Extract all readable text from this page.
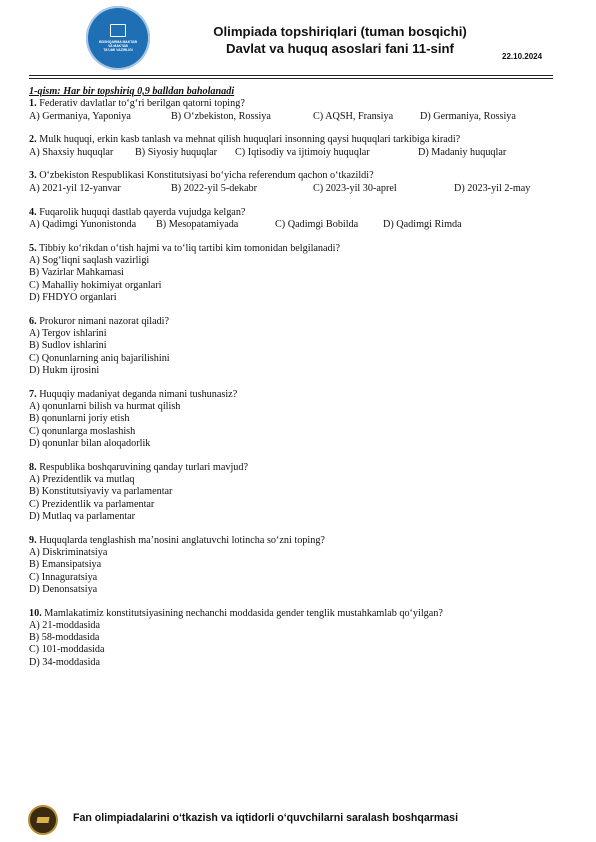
BOSHQARMA MAKTAB
VA MAKTAB
TA'LIMI VAZIRLIGI
Olimpiada topshiriqlari (tuman bosqichi)
Davlat va huquq asoslari fani 11-sinf
22.10.2024
1-qism: Har bir topshiriq 0,9 balldan baholanadi
1. Federativ davlatlar to‘g‘ri berilgan qatorni toping?
A) Germaniya, Yaponiya	B) O‘zbekiston, Rossiya	C) AQSH, Fransiya	D) Germaniya, Rossiya
2. Mulk huquqi, erkin kasb tanlash va mehnat qilish huquqlari insonning qaysi huquqlari tarkibiga kiradi?
A) Shaxsiy huquqlar	B) Siyosiy huquqlar	C) Iqtisodiy va ijtimoiy huquqlar	D) Madaniy huquqlar
3. O‘zbekiston Respublikasi Konstitutsiyasi bo‘yicha referendum qachon o‘tkazildi?
A) 2021-yil 12-yanvar	B) 2022-yil 5-dekabr	C) 2023-yil 30-aprel	D) 2023-yil 2-may
4. Fuqarolik huquqi dastlab qayerda vujudga kelgan?
A) Qadimgi Yunonistonda	B) Mesopatamiyada	C) Qadimgi Bobilda	D) Qadimgi Rimda
5. Tibbiy ko‘rikdan o‘tish hajmi va to‘liq tartibi kim tomonidan belgilanadi?
A) Sog‘liqni saqlash vazirligi
B) Vazirlar Mahkamasi
C) Mahalliy hokimiyat organlari
D) FHDYO organlari
6. Prokuror nimani nazorat qiladi?
A) Tergov ishlarini
B) Sudlov ishlarini
C) Qonunlarning aniq bajarilishini
D) Hukm ijrosini
7. Huquqiy madaniyat deganda nimani tushunasiz?
A) qonunlarni bilish va hurmat qilish
B) qonunlarni joriy etish
C) qonunlarga moslashish
D) qonunlar bilan aloqadorlik
8. Respublika boshqaruvining qanday turlari mavjud?
A) Prezidentlik va mutlaq
B) Konstitutsiyaviy va parlamentar
C) Prezidentlik va parlamentar
D) Mutlaq va parlamentar
9. Huquqlarda tenglashish ma’nosini anglatuvchi lotincha so‘zni toping?
A) Diskriminatsiya
B) Emansipatsiya
C) Innaguratsiya
D) Denonsatsiya
10. Mamlakatimiz konstitutsiyasining nechanchi moddasida gender tenglik mustahkamlab qo‘yilgan?
A) 21-moddasida
B) 58-moddasida
C) 101-moddasida
D) 34-moddasida
Fan olimpiadalarini o‘tkazish va iqtidorli o‘quvchilarni saralash boshqarmasi
